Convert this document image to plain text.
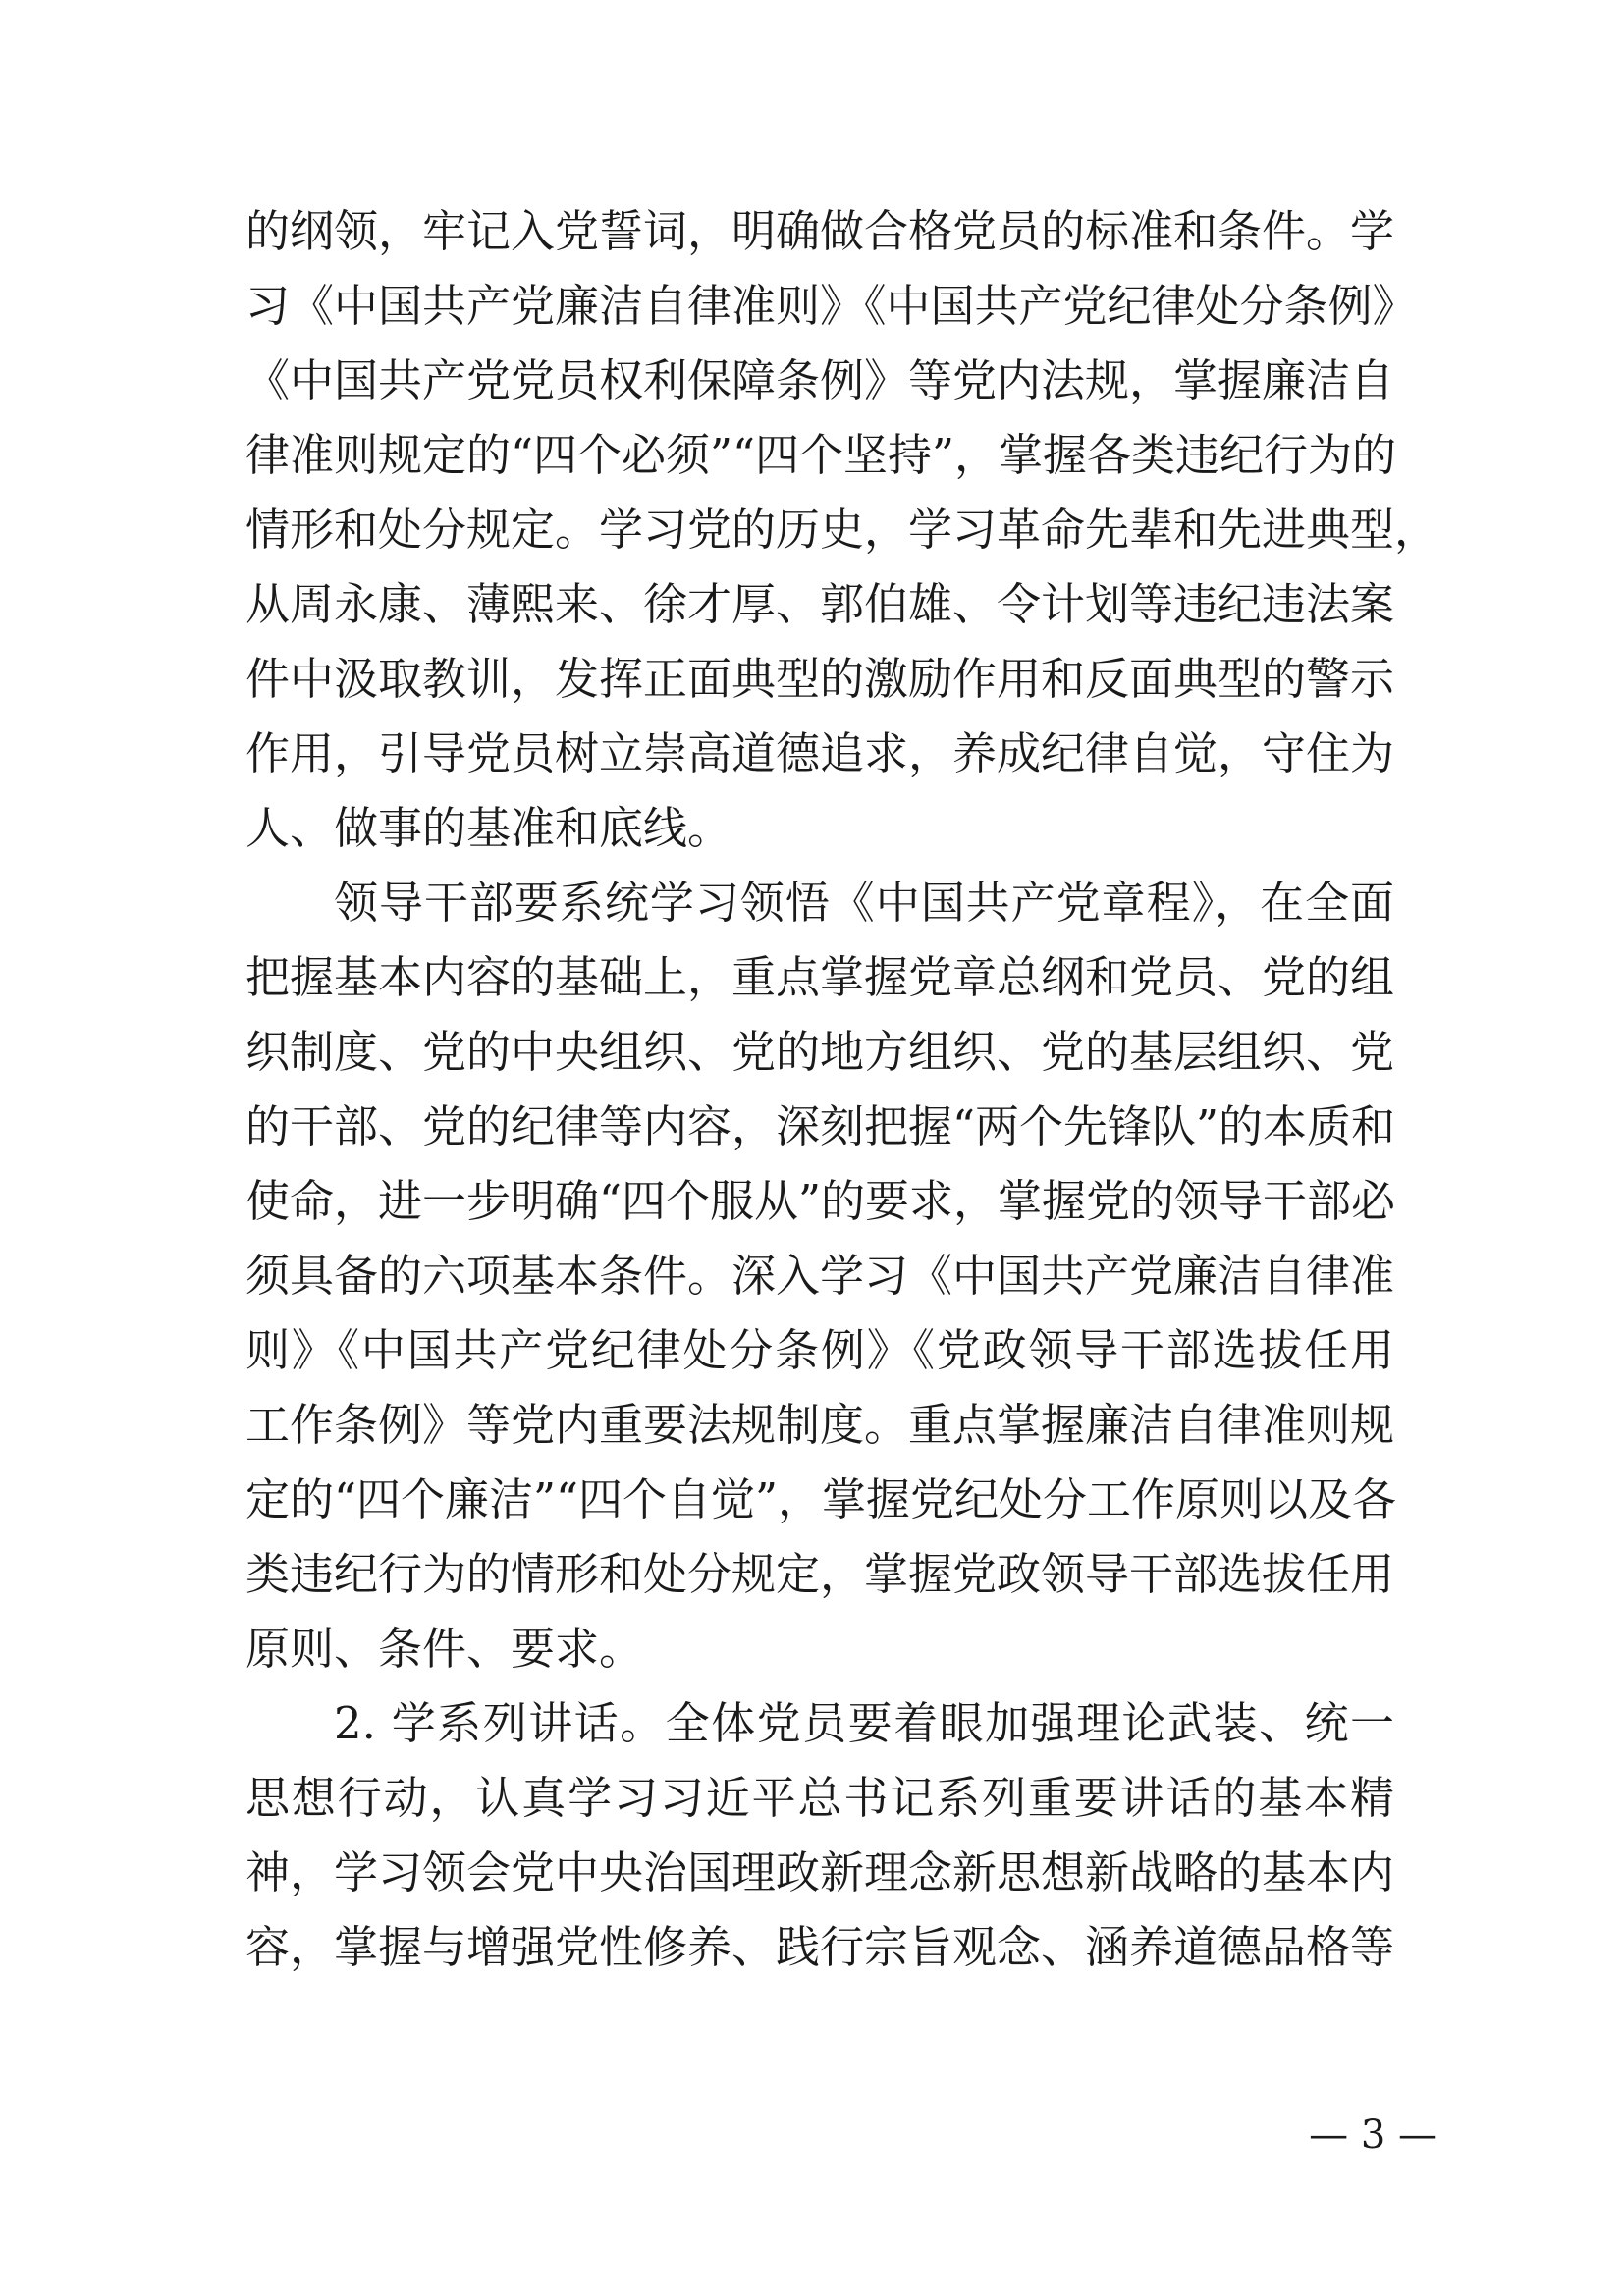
的纲领，牢记入党誓词，明确做合格党员的标准和条件。学
习《中国共产党廉洁自律准则》《中国共产党纪律处分条例》
《中国共产党党员权利保障条例》等党内法规，掌握廉洁自
律准则规定的“四个必须”“四个坚持”，掌握各类违纪行为的
情形和处分规定。学习党的历史，学习革命先辈和先进典型，
从周永康、薄熙来、徐才厚、郭伯雄、令计划等违纪违法案
件中汲取教训，发挥正面典型的激励作用和反面典型的警示
作用，引导党员树立崇高道德追求，养成纪律自觉，守住为
人、做事的基准和底线。
领导干部要系统学习领悟《中国共产党章程》，在全面
把握基本内容的基础上，重点掌握党章总纲和党员、党的组
织制度、党的中央组织、党的地方组织、党的基层组织、党
的干部、党的纪律等内容，深刻把握“两个先锋队”的本质和
使命，进一步明确“四个服从”的要求，掌握党的领导干部必
须具备的六项基本条件。深入学习《中国共产党廉洁自律准
则》《中国共产党纪律处分条例》《党政领导干部选拔任用
工作条例》等党内重要法规制度。重点掌握廉洁自律准则规
定的“四个廉洁”“四个自觉”，掌握党纪处分工作原则以及各
类违纪行为的情形和处分规定，掌握党政领导干部选拔任用
原则、条件、要求。
2. 学系列讲话。全体党员要着眼加强理论武装、统一
思想行动，认真学习习近平总书记系列重要讲话的基本精
神，学习领会党中央治国理政新理念新思想新战略的基本内
容，掌握与增强党性修养、践行宗旨观念、涵养道德品格等
— 3 —
